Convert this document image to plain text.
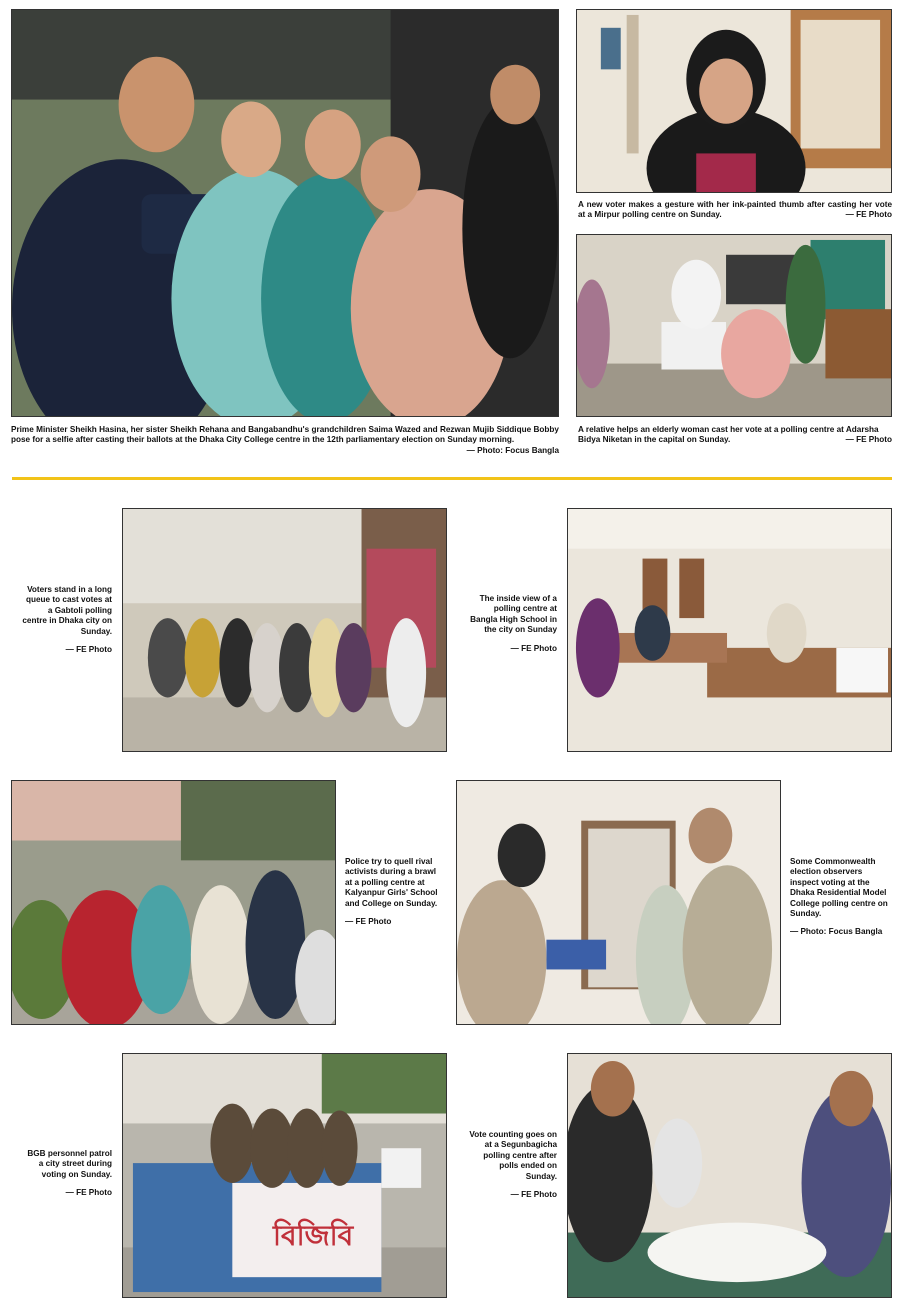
Prime Minister Sheikh Hasina, her sister Sheikh Rehana and Bangabandhu's grandchildren Saima Wazed and Rezwan Mujib Siddique Bobby pose for a selfie after casting their ballots at the Dhaka City College centre in the 12th parliamentary election on Sunday morning.
— Photo: Focus Bangla
A new voter makes a gesture with her ink-painted thumb after casting her vote at a Mirpur polling centre on Sunday.	— FE Photo
A relative helps an elderly woman cast her vote at a polling centre at Adarsha Bidya Niketan in the capital on Sunday.	— FE Photo
Voters stand in a long queue to cast votes at a Gabtoli polling centre in Dhaka city on Sunday.
— FE Photo
The inside view of a polling centre at Bangla High School in the city on Sunday
— FE Photo
Police try to quell rival activists during a brawl at a polling centre at Kalyanpur Girls' School and College on Sunday.
— FE Photo
Some Commonwealth election observers inspect voting at the Dhaka Residential Model College polling centre on Sunday.
— Photo: Focus Bangla
BGB personnel patrol a city street during voting on Sunday.
— FE Photo
বিজিবি
Vote counting goes on at a Segunbagicha polling centre after polls ended on Sunday.
— FE Photo
